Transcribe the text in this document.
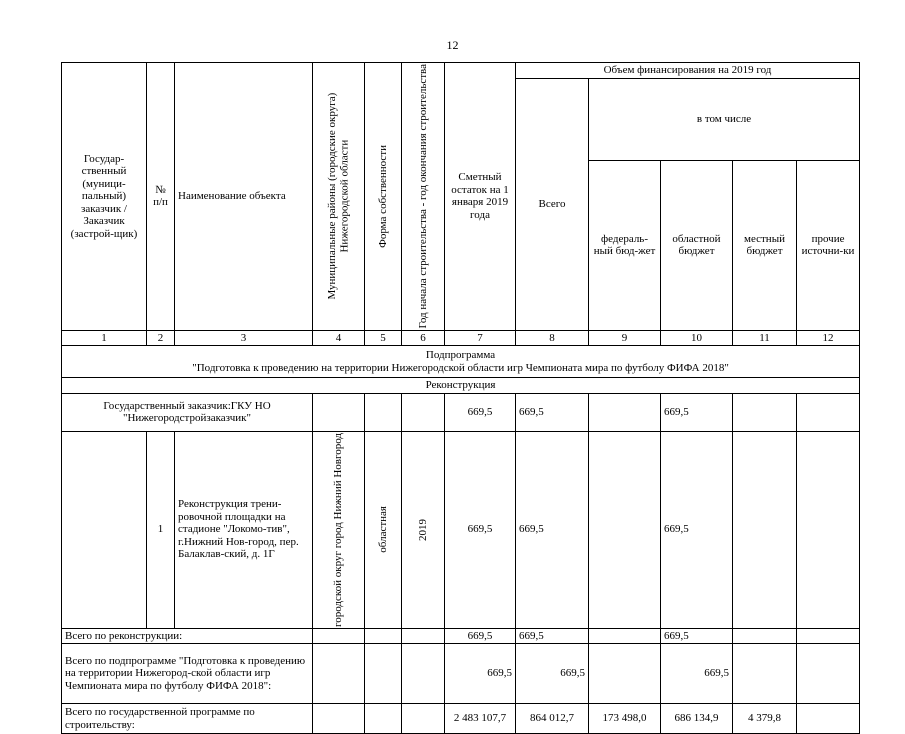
12
Государ-ственный (муници-пальный) заказчик / Заказчик (застрой-щик)	№ п/п	Наименование объекта	Муниципальные районы (городские округа) Нижегородской области	Форма собственности	Год начала строительства - год окончания строительства	Сметный остаток на 1 января 2019 года	Объем финансирования на 2019 год				
							Всего	в том числе			
								федераль-ный бюд-жет	областной бюджет	местный бюджет	прочие источни-ки
1	2	3	4	5	6	7	8	9	10	11	12

Подпрограмма
"Подготовка к проведению на территории Нижегородской области игр Чемпионата мира по футболу ФИФА 2018"											

Реконструкция											
Государственный заказчик:ГКУ НО "Нижегородстройзаказчик"						669,5	669,5		669,5		
	1	Реконструкция трени-ровочной площадки на стадионе "Локомо-тив", г.Нижний Нов-город, пер. Балаклав-ский, д. 1Г	городской округ город Нижний Новгород	областная	2019	669,5	669,5		669,5		
Всего по реконструкции:						669,5	669,5		669,5		
Всего по подпрограмме "Подготовка к проведению на территории Нижегород-ской области игр Чемпионата мира по футболу ФИФА 2018":						669,5	669,5		669,5		
Всего по государственной программе по строительству:						2 483 107,7	864 012,7	173 498,0	686 134,9	4 379,8	
